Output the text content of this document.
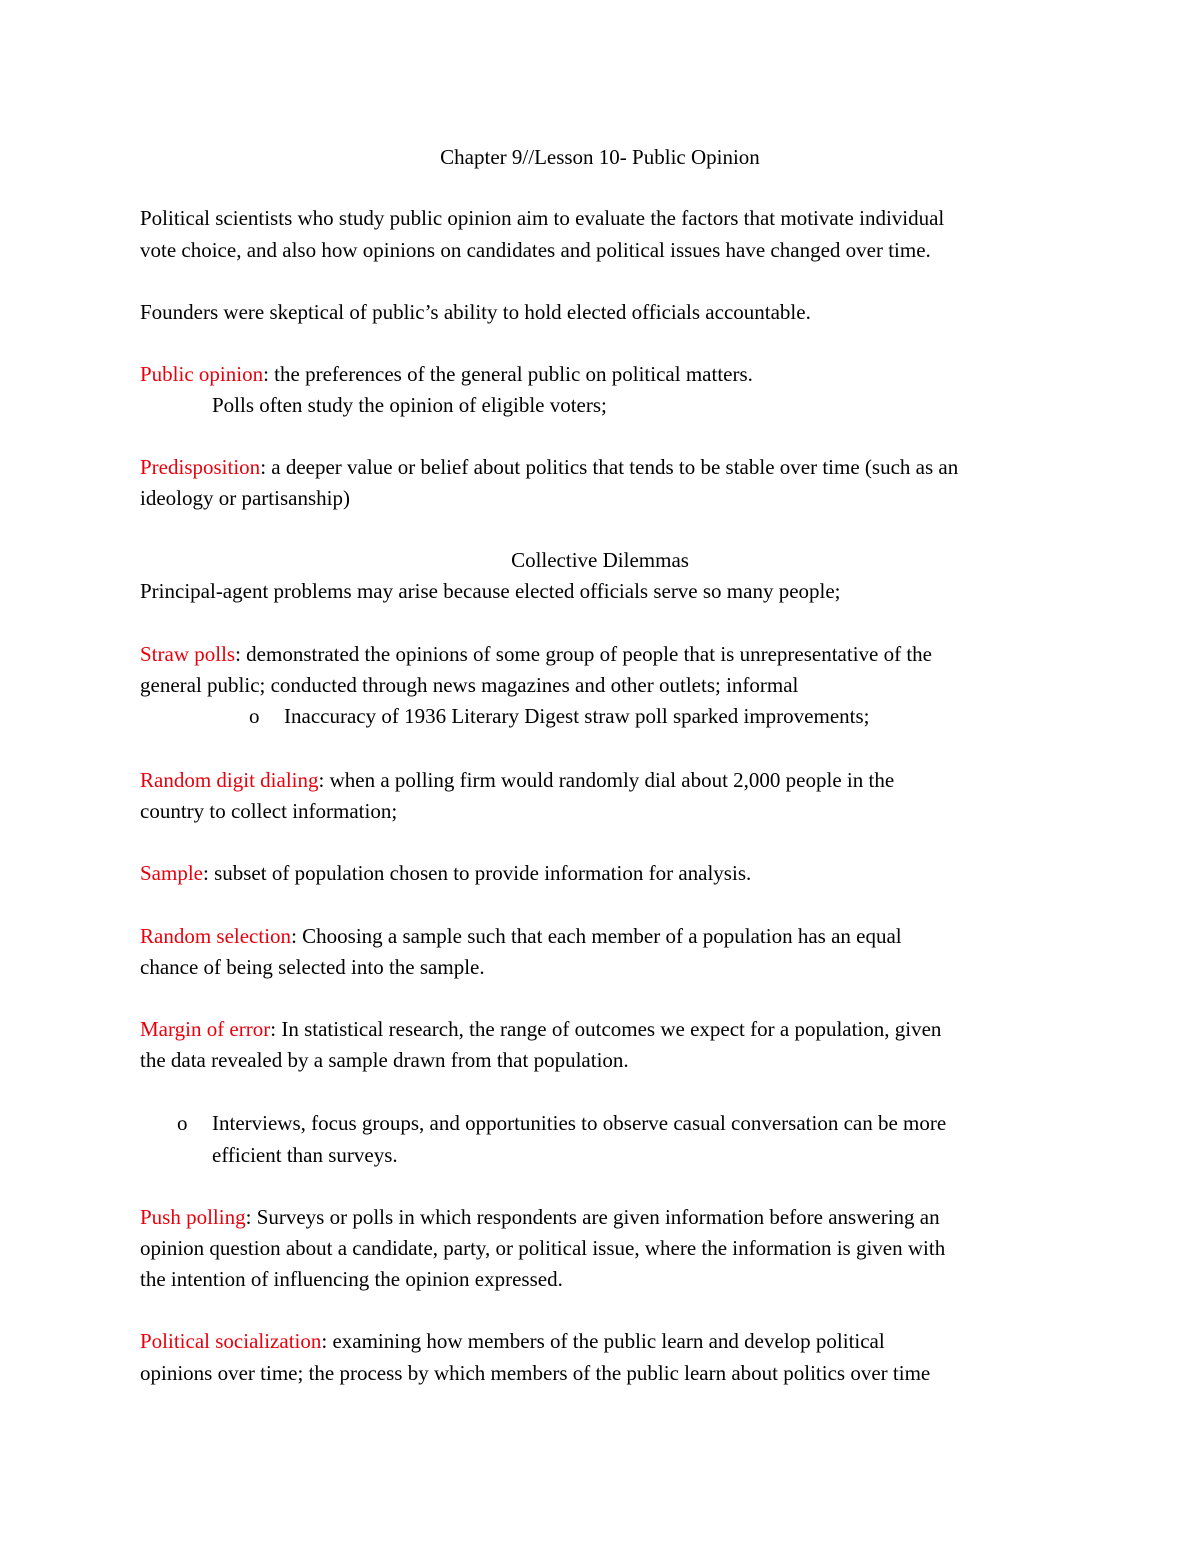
Chapter 9//Lesson 10- Public Opinion
Political scientists who study public opinion aim to evaluate the factors that motivate individual
vote choice, and also how opinions on candidates and political issues have changed over time.
Founders were skeptical of public’s ability to hold elected officials accountable.
Public opinion: the preferences of the general public on political matters.
Polls often study the opinion of eligible voters;
Predisposition: a deeper value or belief about politics that tends to be stable over time (such as an
ideology or partisanship)
Collective Dilemmas
Principal-agent problems may arise because elected officials serve so many people;
Straw polls: demonstrated the opinions of some group of people that is unrepresentative of the
general public; conducted through news magazines and other outlets; informal
o Inaccuracy of 1936 Literary Digest straw poll sparked improvements;
Random digit dialing: when a polling firm would randomly dial about 2,000 people in the
country to collect information;
Sample: subset of population chosen to provide information for analysis.
Random selection: Choosing a sample such that each member of a population has an equal
chance of being selected into the sample.
Margin of error: In statistical research, the range of outcomes we expect for a population, given
the data revealed by a sample drawn from that population.
o Interviews, focus groups, and opportunities to observe casual conversation can be more
efficient than surveys.
Push polling: Surveys or polls in which respondents are given information before answering an
opinion question about a candidate, party, or political issue, where the information is given with
the intention of influencing the opinion expressed.
Political socialization: examining how members of the public learn and develop political
opinions over time; the process by which members of the public learn about politics over time
